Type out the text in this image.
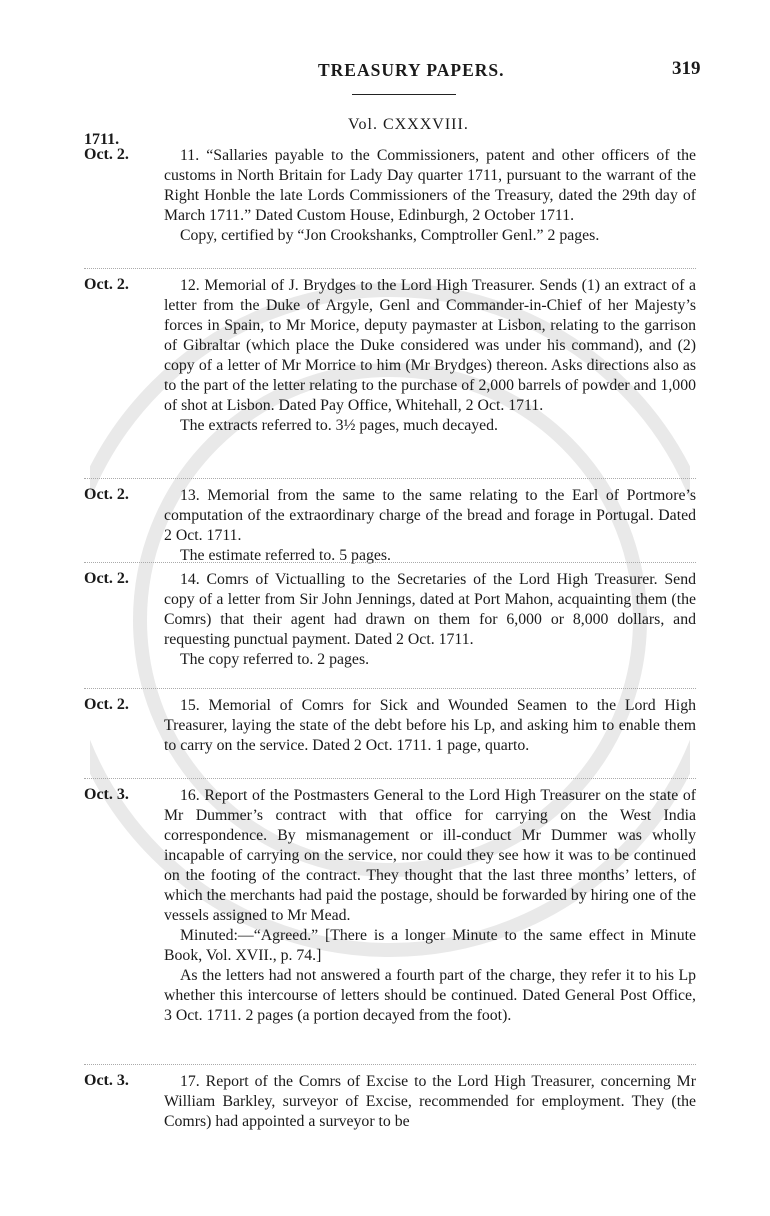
TREASURY PAPERS.	319
Vol. CXXXVIII.
1711.
Oct. 2.	11. “Sallaries payable to the Commissioners, patent and other officers of the customs in North Britain for Lady Day quarter 1711, pursuant to the warrant of the Right Honble the late Lords Commissioners of the Treasury, dated the 29th day of March 1711.” Dated Custom House, Edinburgh, 2 October 1711.

Copy, certified by “Jon Crookshanks, Comptroller Genl.” 2 pages.

Oct. 2.	12. Memorial of J. Brydges to the Lord High Treasurer. Sends (1) an extract of a letter from the Duke of Argyle, Genl and Commander-in-Chief of her Majesty’s forces in Spain, to Mr Morice, deputy paymaster at Lisbon, relating to the garrison of Gibraltar (which place the Duke considered was under his command), and (2) copy of a letter of Mr Morrice to him (Mr Brydges) thereon. Asks directions also as to the part of the letter relating to the purchase of 2,000 barrels of powder and 1,000 of shot at Lisbon. Dated Pay Office, Whitehall, 2 Oct. 1711.

The extracts referred to. 3½ pages, much decayed.

Oct. 2.	13. Memorial from the same to the same relating to the Earl of Portmore’s computation of the extraordinary charge of the bread and forage in Portugal. Dated 2 Oct. 1711.

The estimate referred to. 5 pages.

Oct. 2.	14. Comrs of Victualling to the Secretaries of the Lord High Treasurer. Send copy of a letter from Sir John Jennings, dated at Port Mahon, acquainting them (the Comrs) that their agent had drawn on them for 6,000 or 8,000 dollars, and requesting punctual payment. Dated 2 Oct. 1711.

The copy referred to. 2 pages.

Oct. 2.	15. Memorial of Comrs for Sick and Wounded Seamen to the Lord High Treasurer, laying the state of the debt before his Lp, and asking him to enable them to carry on the service. Dated 2 Oct. 1711. 1 page, quarto.

Oct. 3.	16. Report of the Postmasters General to the Lord High Treasurer on the state of Mr Dummer’s contract with that office for carrying on the West India correspondence. By mismanagement or ill-conduct Mr Dummer was wholly incapable of carrying on the service, nor could they see how it was to be continued on the footing of the contract. They thought that the last three months’ letters, of which the merchants had paid the postage, should be forwarded by hiring one of the vessels assigned to Mr Mead.

Minuted:—“Agreed.” [There is a longer Minute to the same effect in Minute Book, Vol. XVII., p. 74.]

As the letters had not answered a fourth part of the charge, they refer it to his Lp whether this intercourse of letters should be continued. Dated General Post Office, 3 Oct. 1711. 2 pages (a portion decayed from the foot).

Oct. 3.	17. Report of the Comrs of Excise to the Lord High Treasurer, concerning Mr William Barkley, surveyor of Excise, recommended for employment. They (the Comrs) had appointed a surveyor to be
